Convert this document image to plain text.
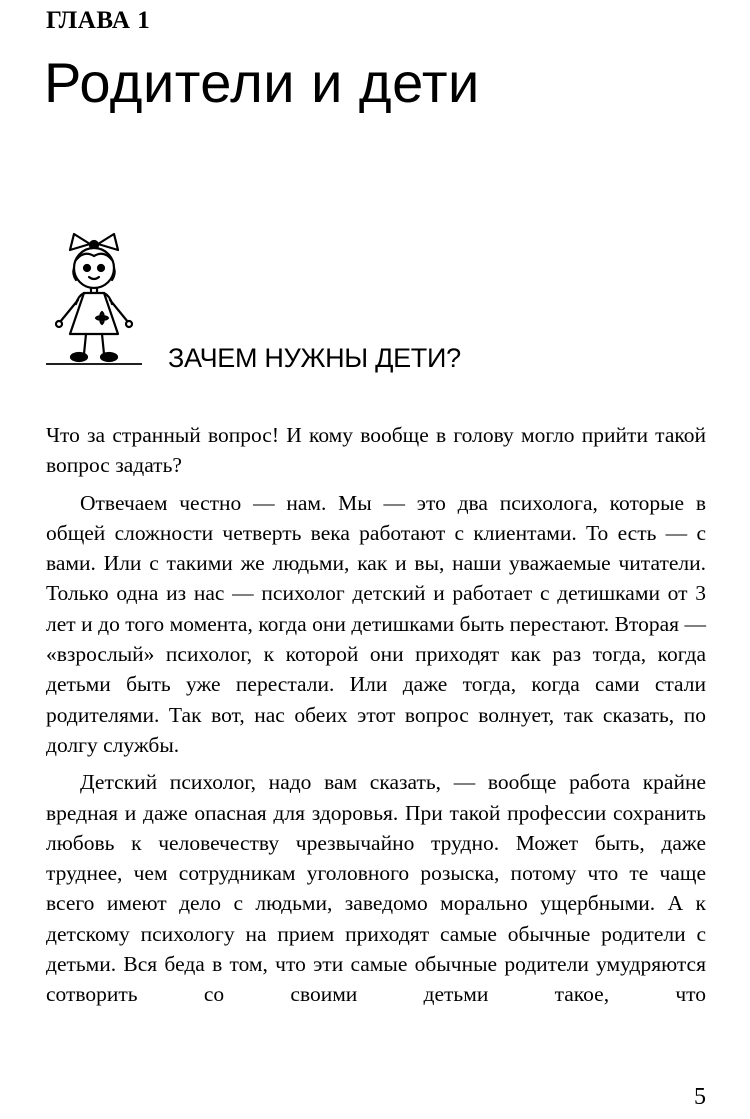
ГЛАВА 1
Родители и дети
ЗАЧЕМ НУЖНЫ ДЕТИ?

Что за странный вопрос! И кому вообще в голову могло прийти такой вопрос задать?

Отвечаем честно — нам. Мы — это два психолога, которые в общей сложности четверть века работают с клиентами. То есть — с вами. Или с такими же людьми, как и вы, наши уважаемые читатели. Только одна из нас — психолог детский и работает с детишками от 3 лет и до того момента, когда они детишками быть перестают. Вторая — «взрослый» психолог, к которой они приходят как раз тогда, когда детьми быть уже перестали. Или даже тогда, когда сами стали родителями. Так вот, нас обеих этот вопрос волнует, так сказать, по долгу службы.

Детский психолог, надо вам сказать, — вообще работа крайне вредная и даже опасная для здоровья. При такой профессии сохранить любовь к человечеству чрезвычайно трудно. Может быть, даже труднее, чем сотрудникам уголовного розыска, потому что те чаще всего имеют дело с людьми, заведомо морально ущербными. А к детскому психологу на прием приходят самые обычные родители с детьми. Вся беда в том, что эти самые обычные родители умудряются сотворить со своими детьми такое, что

5
